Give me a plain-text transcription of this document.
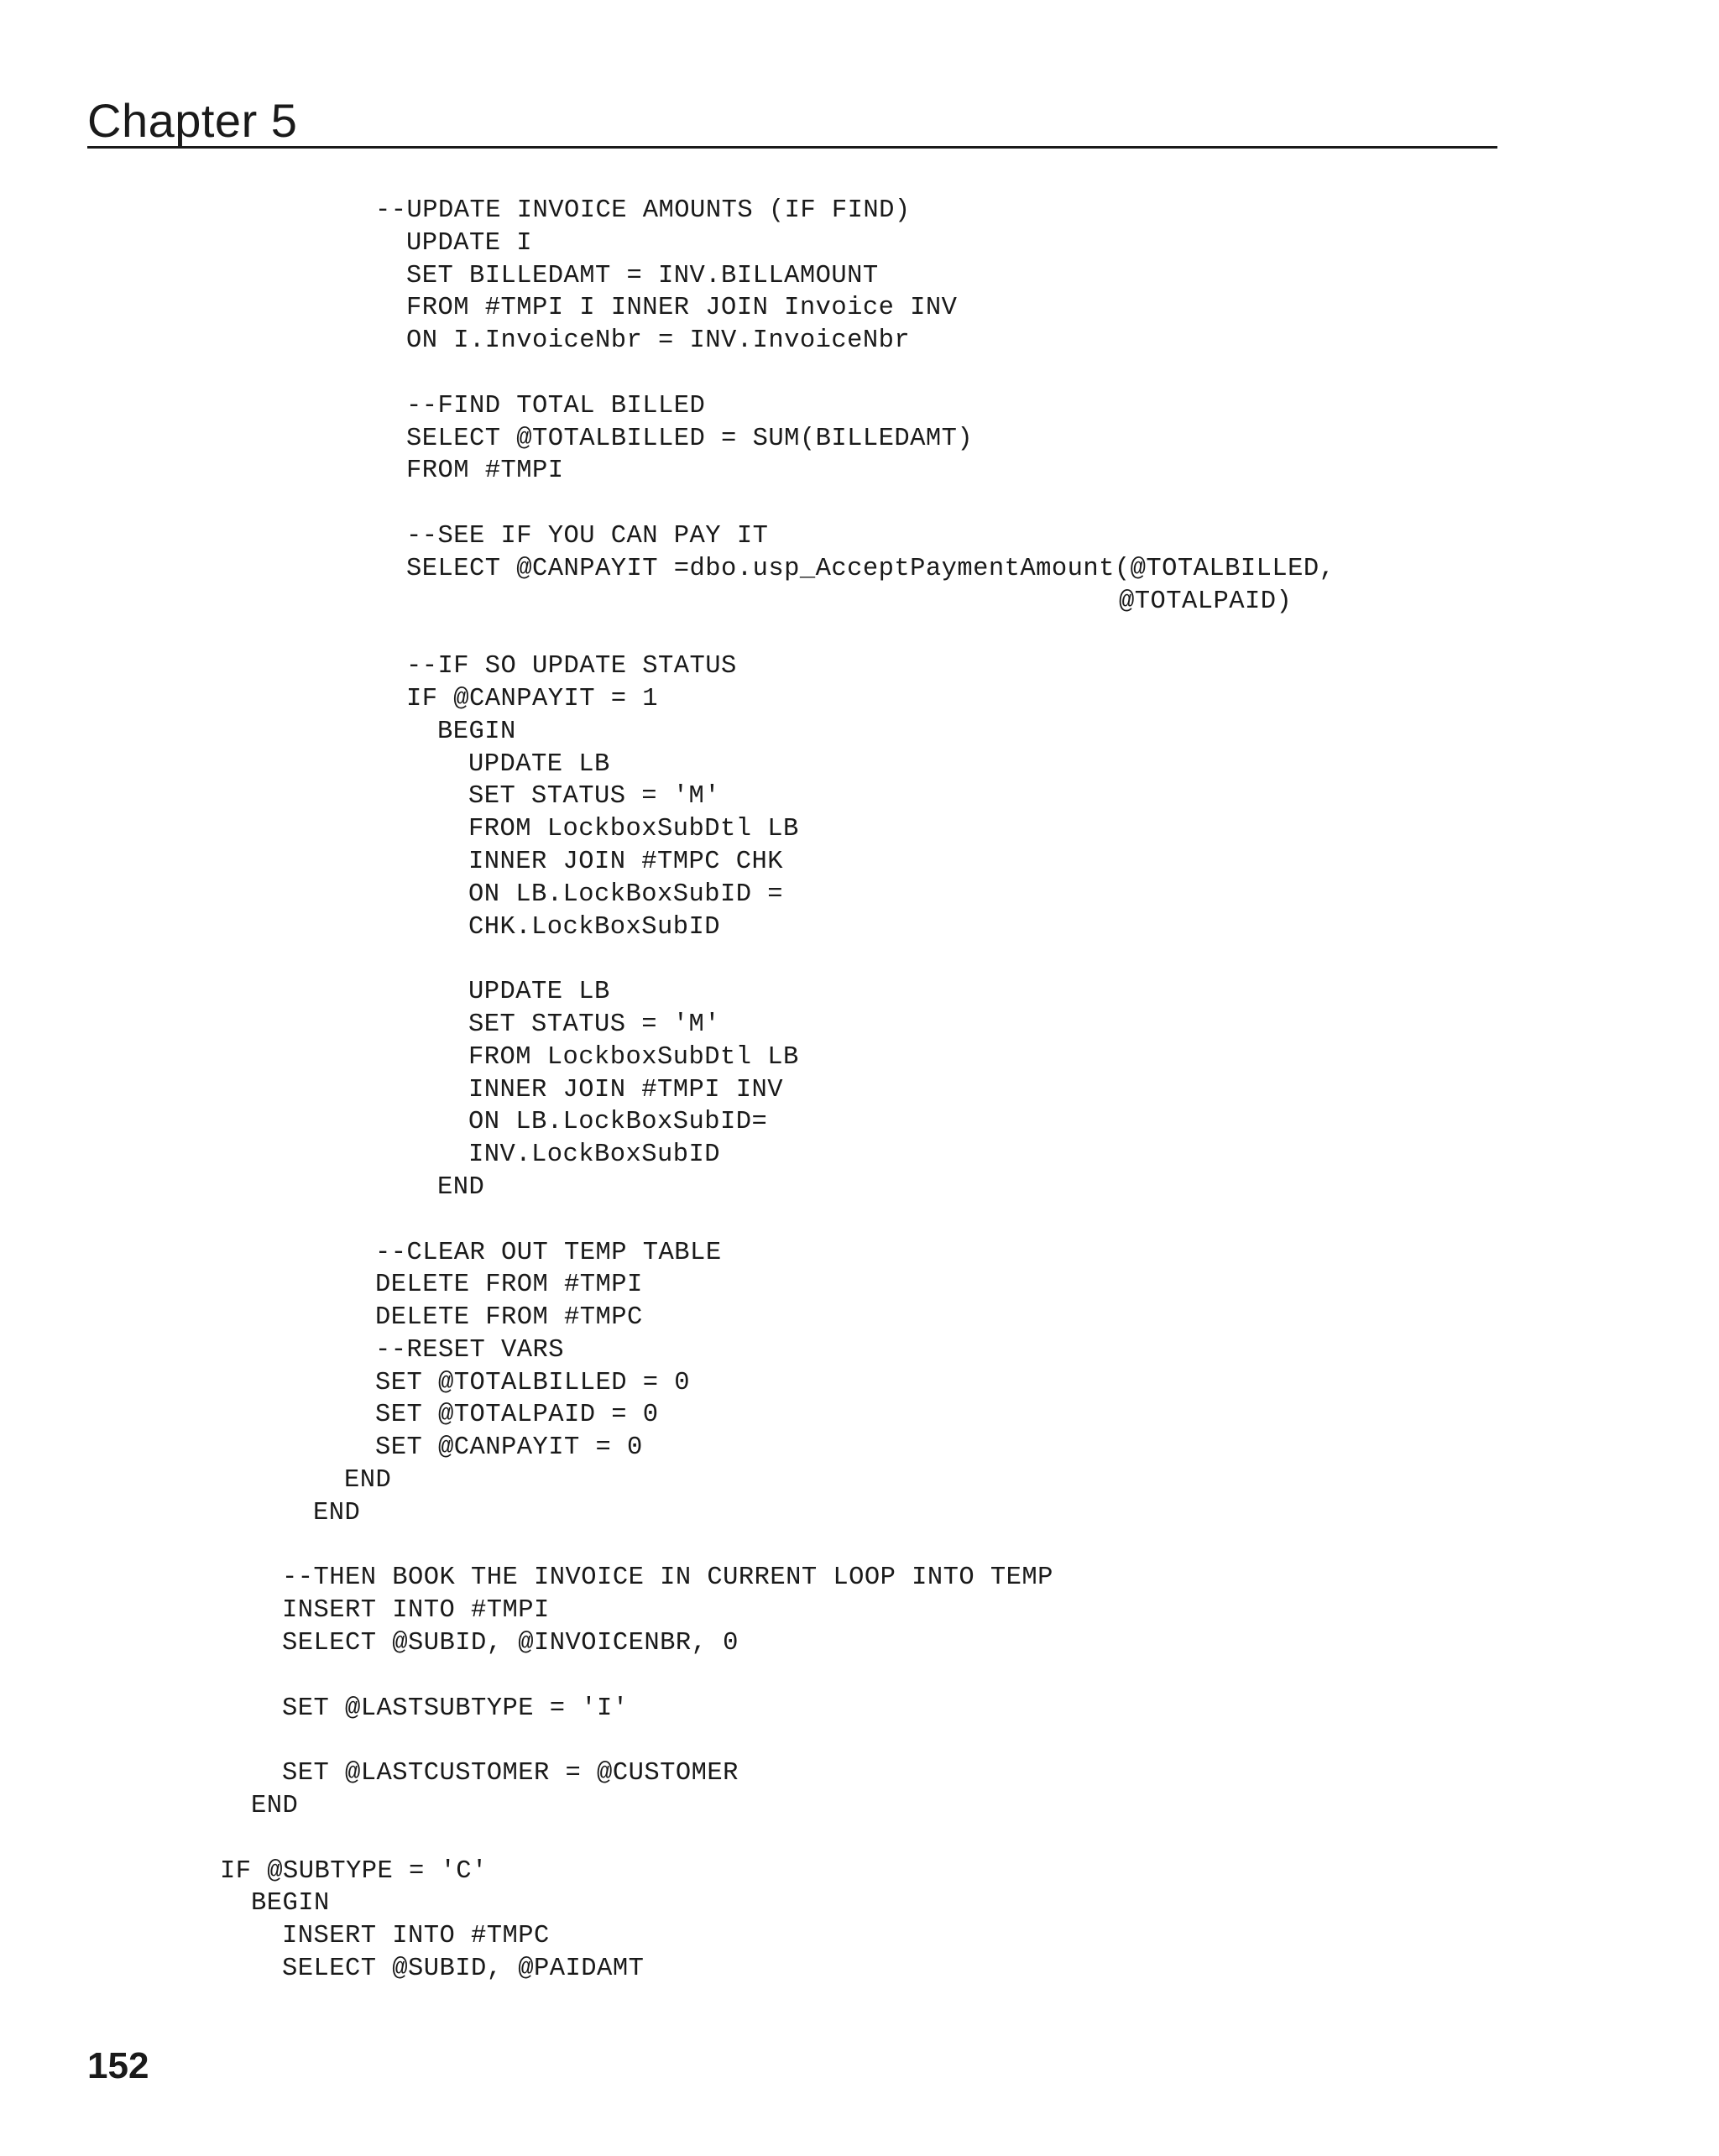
Chapter 5
--UPDATE INVOICE AMOUNTS (IF FIND)
UPDATE I
SET BILLEDAMT = INV.BILLAMOUNT
FROM #TMPI I INNER JOIN Invoice INV
ON I.InvoiceNbr = INV.InvoiceNbr
--FIND TOTAL BILLED
SELECT @TOTALBILLED = SUM(BILLEDAMT)
FROM #TMPI
--SEE IF YOU CAN PAY IT
SELECT @CANPAYIT =dbo.usp_AcceptPaymentAmount(@TOTALBILLED,
@TOTALPAID)
--IF SO UPDATE STATUS
IF @CANPAYIT = 1
BEGIN
UPDATE LB
SET STATUS = 'M'
FROM LockboxSubDtl LB
INNER JOIN #TMPC CHK
ON LB.LockBoxSubID =
CHK.LockBoxSubID
UPDATE LB
SET STATUS = 'M'
FROM LockboxSubDtl LB
INNER JOIN #TMPI INV
ON LB.LockBoxSubID=
INV.LockBoxSubID
END
--CLEAR OUT TEMP TABLE
DELETE FROM #TMPI
DELETE FROM #TMPC
--RESET VARS
SET @TOTALBILLED = 0
SET @TOTALPAID = 0
SET @CANPAYIT = 0
END
END
--THEN BOOK THE INVOICE IN CURRENT LOOP INTO TEMP
INSERT INTO #TMPI
SELECT @SUBID, @INVOICENBR, 0
SET @LASTSUBTYPE = 'I'
SET @LASTCUSTOMER = @CUSTOMER
END
IF @SUBTYPE = 'C'
BEGIN
INSERT INTO #TMPC
SELECT @SUBID, @PAIDAMT
152
